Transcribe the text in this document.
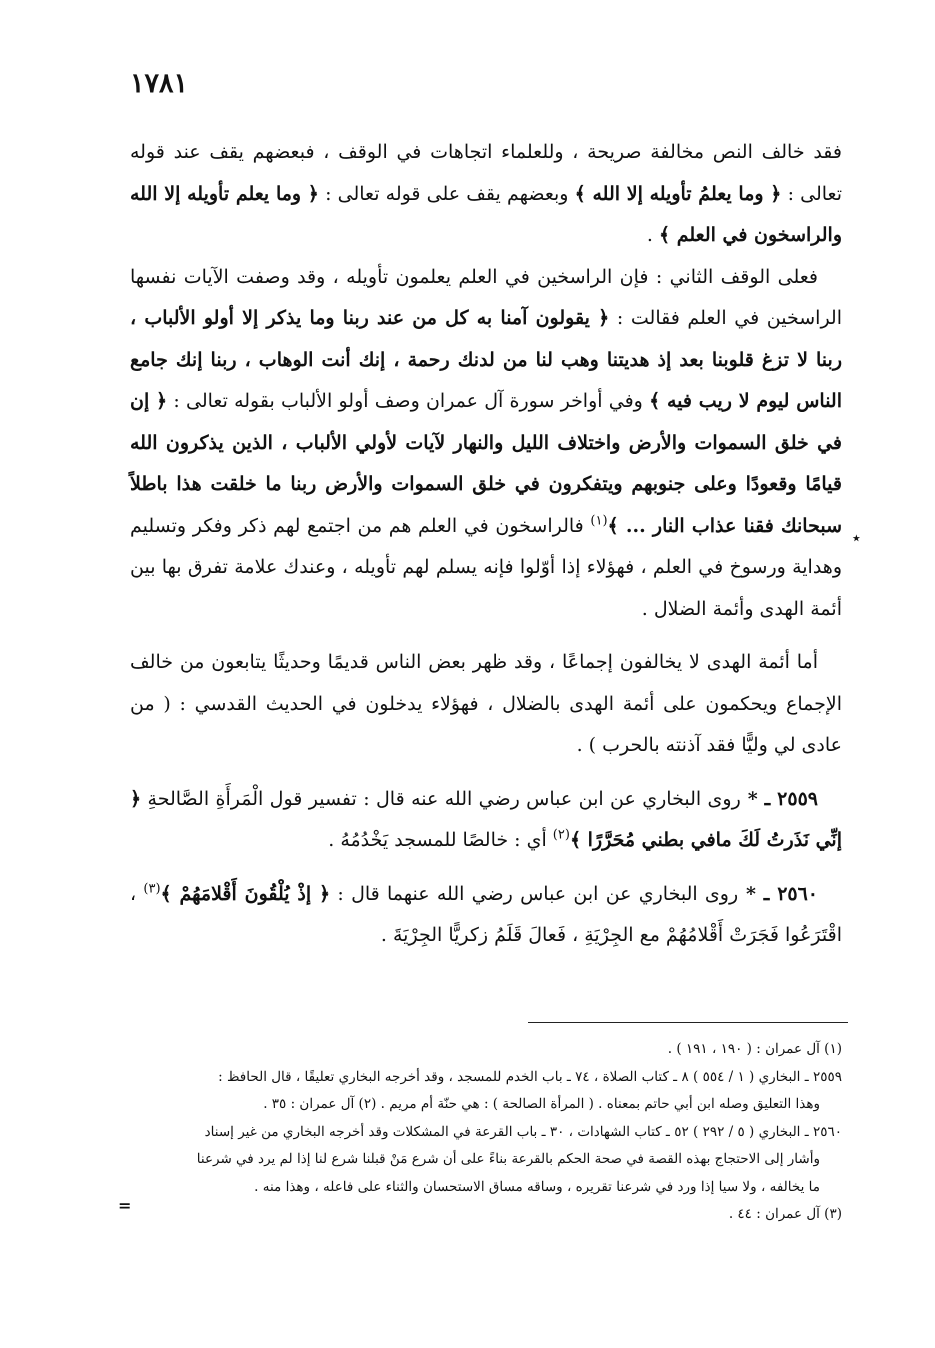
١٧٨١

فقد خالف النص مخالفة صريحة ، وللعلماء اتجاهات في الوقف ، فبعضهم يقف عند قوله تعالى : ﴿ وما يعلمُ تأويله إلا الله ﴾ وبعضهم يقف على قوله تعالى : ﴿ وما يعلم تأويله إلا الله والراسخون في العلم ﴾ .

فعلى الوقف الثاني : فإن الراسخين في العلم يعلمون تأويله ، وقد وصفت الآيات نفسها الراسخين في العلم فقالت : ﴿ يقولون آمنا به كل من عند ربنا وما يذكر إلا أولو الألباب ، ربنا لا تزغ قلوبنا بعد إذ هديتنا وهب لنا من لدنك رحمة ، إنك أنت الوهاب ، ربنا إنك جامع الناس ليوم لا ريب فيه ﴾ وفي أواخر سورة آل عمران وصف أولو الألباب بقوله تعالى : ﴿ إن في خلق السموات والأرض واختلاف الليل والنهار لآيات لأولي الألباب ، الذين يذكرون الله قيامًا وقعودًا وعلى جنوبهم ويتفكرون في خلق السموات والأرض ربنا ما خلقت هذا باطلاً سبحانك فقنا عذاب النار ... ﴾$^{(١)}$ فالراسخون في العلم هم من اجتمع لهم ذكر وفكر وتسليم وهداية ورسوخ في العلم ، فهؤلاء إذا أوّلوا فإنه يسلم لهم تأويله ، وعندك علامة تفرق بها بين أئمة الهدى وأئمة الضلال .

أما أئمة الهدى لا يخالفون إجماعًا ، وقد ظهر بعض الناس قديمًا وحديثًا يتابعون من خالف الإجماع ويحكمون على أئمة الهدى بالضلال ، فهؤلاء يدخلون في الحديث القدسي : ( من عادى لي وليًّا فقد آذنته بالحرب ) .

٢٥٥٩ ـ * روى البخاري عن ابن عباس رضي الله عنه قال : تفسير قول الْمَرأَةِ الصَّالحةِ ﴿ إنِّي نَذَرتُ لَكَ مافي بطني مُحَرَّرًا ﴾$^{(٢)}$ أي : خالصًا للمسجد يَخْدُمُهُ .

٢٥٦٠ ـ * روى البخاري عن ابن عباس رضي الله عنهما قال : ﴿ إذْ يُلْقُونَ أَقْلامَهُمْ ﴾$^{(٣)}$ ، اقْتَرَعُوا فَجَرَتْ أَقْلامُهُمْ مع الجِرْيَةِ ، فَعالَ قَلَمُ زكريًّا الجِرْيَةَ .

٭

(١) آل عمران : ( ١٩٠ ، ١٩١ ) .

٢٥٥٩ ـ البخاري ( ١ / ٥٥٤ ) ٨ ـ كتاب الصلاة ، ٧٤ ـ باب الخدم للمسجد ، وقد أخرجه البخاري تعليقًا ، قال الحافظ :

وهذا التعليق وصله ابن أبي حاتم بمعناه . ( المرأة الصالحة ) : هي حنّة أم مريم . (٢) آل عمران : ٣٥ .

٢٥٦٠ ـ البخاري ( ٥ / ٢٩٢ ) ٥٢ ـ كتاب الشهادات ، ٣٠ ـ باب القرعة في المشكلات وقد أخرجه البخاري من غير إسناد

وأشار إلى الاحتجاج بهذه القصة في صحة الحكم بالقرعة بناءً على أن شرع مَنْ قبلنا شرع لنا إذا لم يرد في شرعنا

ما يخالفه ، ولا سيا إذا ورد في شرعنا تقريره ، وساقه مساق الاستحسان والثناء على فاعله ، وهذا منه .

(٣) آل عمران : ٤٤ .

=
